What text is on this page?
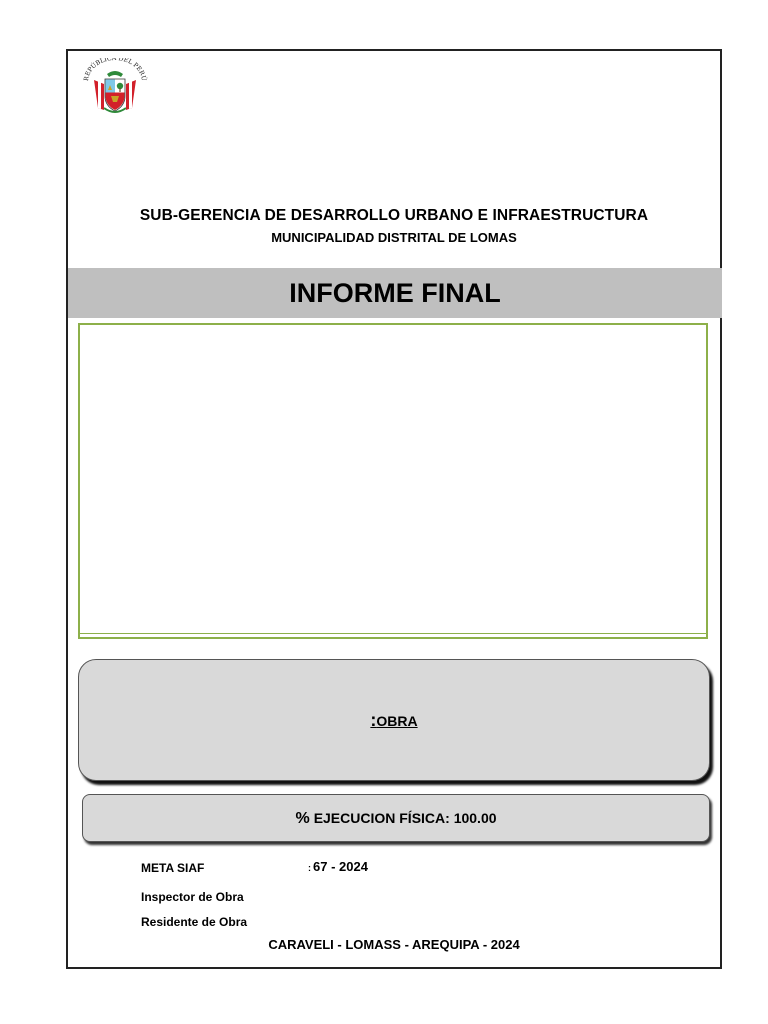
REPÚBLICA DEL PERÚ
SUB-GERENCIA DE DESARROLLO URBANO E INFRAESTRUCTURA
MUNICIPALIDAD DISTRITAL DE LOMAS
INFORME FINAL
:OBRA
% EJECUCION FÍSICA: 100.00
META SIAF	: 67 - 2024
Inspector de Obra
Residente de Obra
CARAVELI - LOMASS - AREQUIPA - 2024
